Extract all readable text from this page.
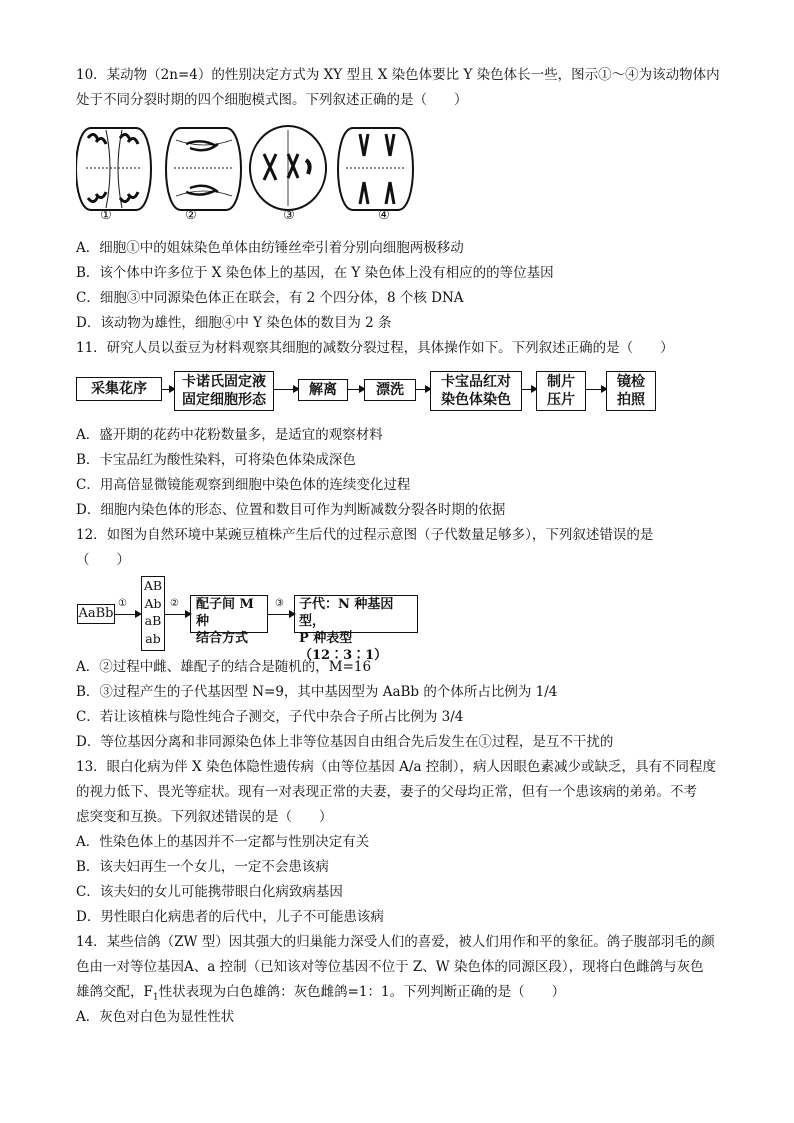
10．某动物（2n=4）的性别决定方式为 XY 型且 X 染色体要比 Y 染色体长一些，图示①～④为该动物体内
处于不同分裂时期的四个细胞模式图。下列叙述正确的是（　　）
①	②	③	④
A．细胞①中的姐妹染色单体由纺锤丝牵引着分别向细胞两极移动
B．该个体中许多位于 X 染色体上的基因，在 Y 染色体上没有相应的的等位基因
C．细胞③中同源染色体正在联会，有 2 个四分体，8 个核 DNA
D．该动物为雄性，细胞④中 Y 染色体的数目为 2 条
11．研究人员以蚕豆为材料观察其细胞的减数分裂过程，具体操作如下。下列叙述正确的是（　　）
采集花序	卡诺氏固定液
固定细胞形态
解离	漂洗	卡宝品红对
染色体染色
制片
压片
镜检
拍照
A．盛开期的花药中花粉数量多，是适宜的观察材料
B．卡宝品红为酸性染料，可将染色体染成深色
C．用高倍显微镜能观察到细胞中染色体的连续变化过程
D．细胞内染色体的形态、位置和数目可作为判断减数分裂各时期的依据
12．如图为自然环境中某豌豆植株产生后代的过程示意图（子代数量足够多），下列叙述错误的是
（　　）
AaBb
①
AB
Ab
aB
ab
② 配子间 M 种
结合方式
③ 子代：N 种基因型，
P 种表型（12∶3∶1）
A．②过程中雌、雄配子的结合是随机的，M=16
B．③过程产生的子代基因型 N=9，其中基因型为 AaBb 的个体所占比例为 1/4
C．若让该植株与隐性纯合子测交，子代中杂合子所占比例为 3/4
D．等位基因分离和非同源染色体上非等位基因自由组合先后发生在①过程，是互不干扰的
13．眼白化病为伴 X 染色体隐性遗传病（由等位基因 A/a 控制），病人因眼色素减少或缺乏，具有不同程度
的视力低下、畏光等症状。现有一对表现正常的夫妻，妻子的父母均正常，但有一个患该病的弟弟。不考
虑突变和互换。下列叙述错误的是（　　）
A．性染色体上的基因并不一定都与性别决定有关
B．该夫妇再生一个女儿，一定不会患该病
C．该夫妇的女儿可能携带眼白化病致病基因
D．男性眼白化病患者的后代中，儿子不可能患该病
14．某些信鸽（ZW 型）因其强大的归巢能力深受人们的喜爱，被人们用作和平的象征。鸽子腹部羽毛的颜
色由一对等位基因A、a 控制（已知该对等位基因不位于 Z、W 染色体的同源区段），现将白色雌鸽与灰色
雄鸽交配，$F_1$性状表现为白色雄鸽：灰色雌鸽=1：1。下列判断正确的是（　　）
A．灰色对白色为显性性状
